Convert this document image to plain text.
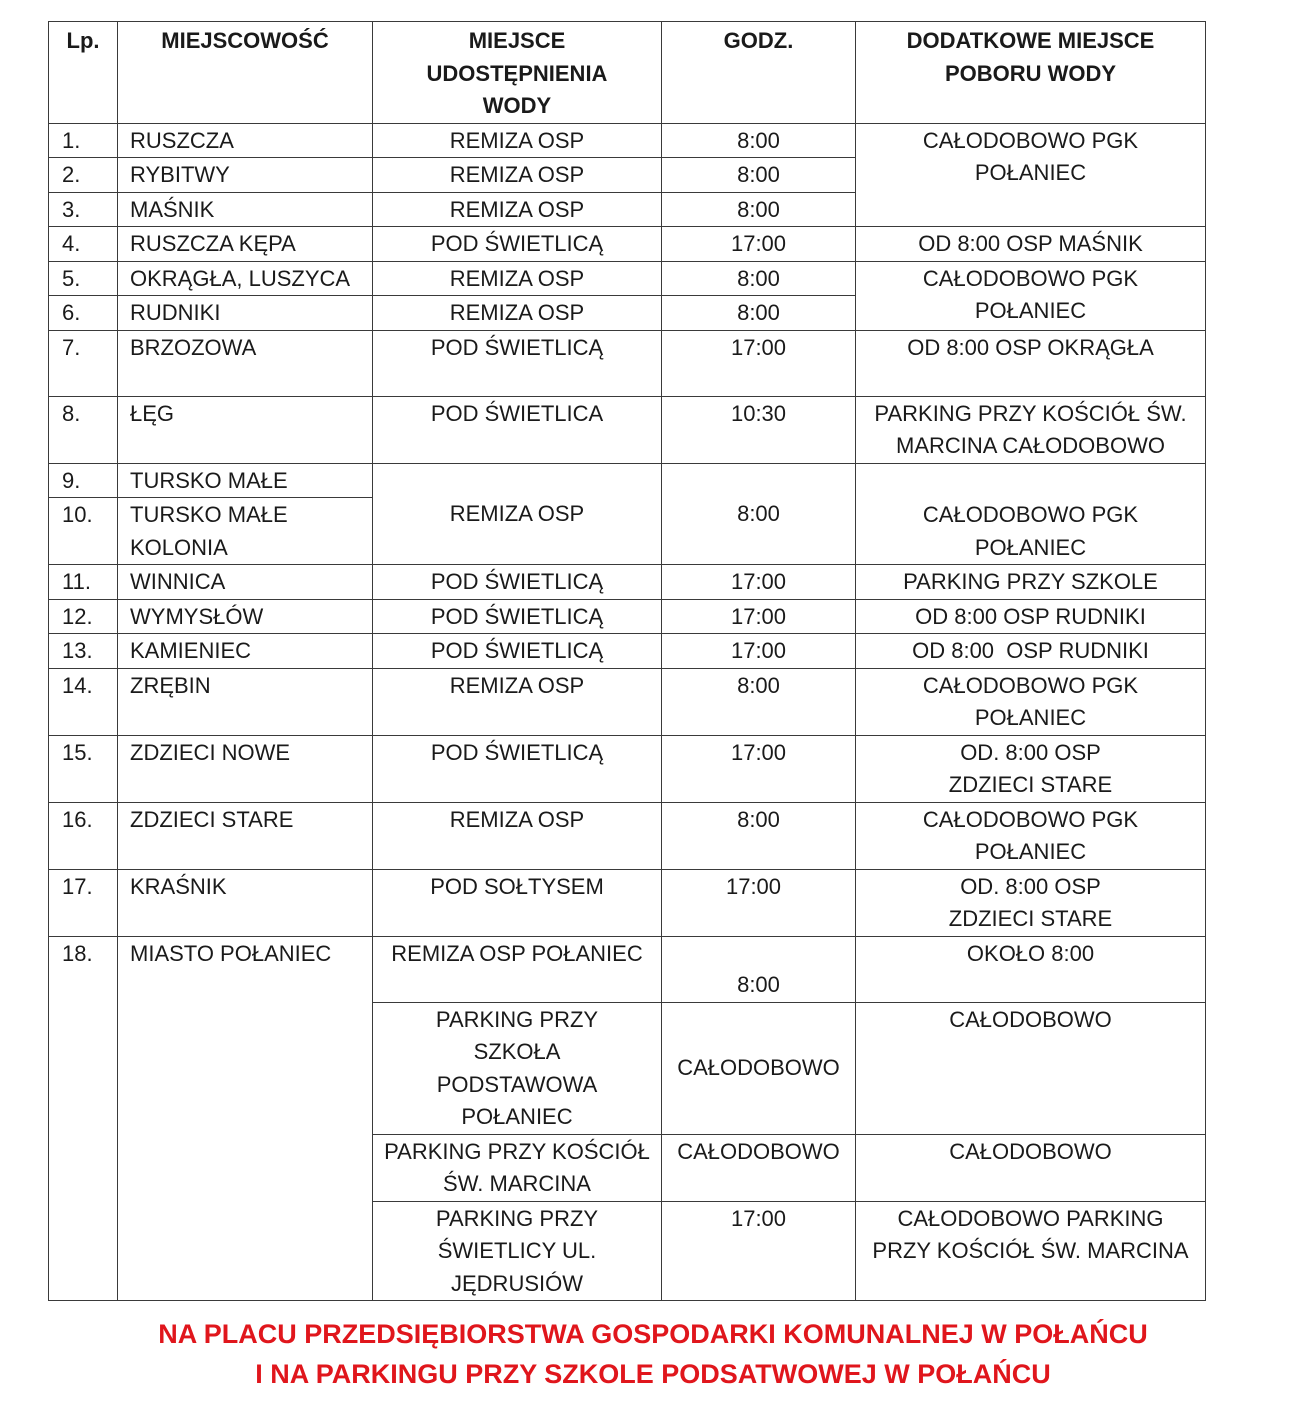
Lp.	MIEJSCOWOŚĆ	MIEJSCE UDOSTĘPNIENIA WODY	GODZ.	DODATKOWE MIEJSCE POBORU WODY
1.	RUSZCZA	REMIZA OSP	8:00	CAŁODOBOWO PGK POŁANIEC
2.	RYBITWY	REMIZA OSP	8:00	
3.	MAŚNIK	REMIZA OSP	8:00	
4.	RUSZCZA KĘPA	POD ŚWIETLICĄ	17:00	OD 8:00 OSP MAŚNIK
5.	OKRĄGŁA, LUSZYCA	REMIZA OSP	8:00	CAŁODOBOWO PGK POŁANIEC
6.	RUDNIKI	REMIZA OSP	8:00	
7.	BRZOZOWA	POD ŚWIETLICĄ	17:00	OD 8:00 OSP OKRĄGŁA
8.	ŁĘG	POD ŚWIETLICA	10:30	PARKING PRZY KOŚCIÓŁ ŚW. MARCINA CAŁODOBOWO
9.	TURSKO MAŁE	REMIZA OSP	8:00	CAŁODOBOWO PGK POŁANIEC
10.	TURSKO MAŁE KOLONIA			
11.	WINNICA	POD ŚWIETLICĄ	17:00	PARKING PRZY SZKOLE
12.	WYMYSŁÓW	POD ŚWIETLICĄ	17:00	OD 8:00 OSP RUDNIKI
13.	KAMIENIEC	POD ŚWIETLICĄ	17:00	OD 8:00  OSP RUDNIKI
14.	ZRĘBIN	REMIZA OSP	8:00	CAŁODOBOWO PGK POŁANIEC
15.	ZDZIECI NOWE	POD ŚWIETLICĄ	17:00	OD. 8:00 OSP ZDZIECI STARE
16.	ZDZIECI STARE	REMIZA OSP	8:00	CAŁODOBOWO PGK POŁANIEC
17.	KRAŚNIK	POD SOŁTYSEM	17:00	OD. 8:00 OSP ZDZIECI STARE
18.	MIASTO POŁANIEC	REMIZA OSP POŁANIEC	8:00	OKOŁO 8:00
		PARKING PRZY SZKOŁA PODSTAWOWA POŁANIEC	CAŁODOBOWO	CAŁODOBOWO
		PARKING PRZY KOŚCIÓŁ ŚW. MARCINA	CAŁODOBOWO	CAŁODOBOWO
		PARKING PRZY ŚWIETLICY UL. JĘDRUSIÓW	17:00	CAŁODOBOWO PARKING PRZY KOŚCIÓŁ ŚW. MARCINA
NA PLACU PRZEDSIĘBIORSTWA GOSPODARKI KOMUNALNEJ W POŁAŃCU
I NA PARKINGU PRZY SZKOLE PODSATWOWEJ W POŁAŃCU
